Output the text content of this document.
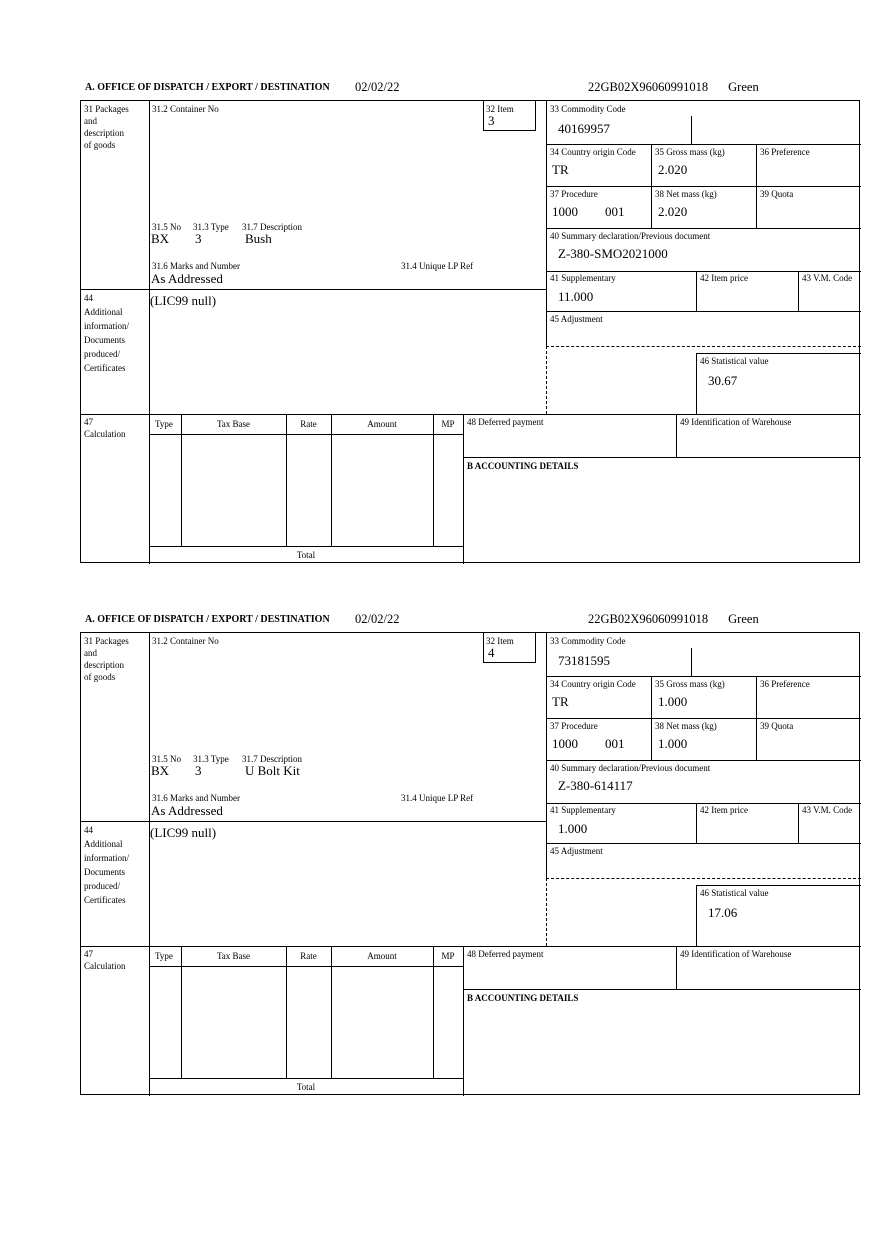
A. OFFICE OF DISPATCH / EXPORT / DESTINATION 02/02/22	22GB02X96060991018 Green
31 Packages
and
description
of goods
44
Additional
information/
Documents
produced/
Certificates
47
Calculation
31.2 Container No	32 Item
3
33 Commodity Code
40169957
34 Country origin Code
TR
35 Gross mass (kg)
2.020
36 Preference
37 Procedure
1000 001
38 Net mass (kg)
2.020
39 Quota
40 Summary declaration/Previous document
Z-380-SMO2021000
31.5 No 31.3 Type 31.7 Description
BX 3	Bush
31.6 Marks and Number	31.4 Unique LP Ref
As Addressed	41 Supplementary
11.000
42 Item price	43 V.M. Code
(LIC99 null)
45 Adjustment
46 Statistical value
30.67
Type	Tax Base	Rate	Amount	MP
Total
48 Deferred payment	49 Identification of Warehouse
B ACCOUNTING DETAILS
A. OFFICE OF DISPATCH / EXPORT / DESTINATION 02/02/22	22GB02X96060991018 Green
31 Packages
and
description
of goods
44
Additional
information/
Documents
produced/
Certificates
47
Calculation
31.2 Container No	32 Item
4
33 Commodity Code
73181595
34 Country origin Code
TR
35 Gross mass (kg)
1.000
36 Preference
37 Procedure
1000 001
38 Net mass (kg)
1.000
39 Quota
40 Summary declaration/Previous document
Z-380-614117
31.5 No 31.3 Type 31.7 Description
BX 3	U Bolt Kit
31.6 Marks and Number	31.4 Unique LP Ref
As Addressed	41 Supplementary
1.000
42 Item price	43 V.M. Code
(LIC99 null)
45 Adjustment
46 Statistical value
17.06
Type	Tax Base	Rate	Amount	MP
Total
48 Deferred payment	49 Identification of Warehouse
B ACCOUNTING DETAILS
